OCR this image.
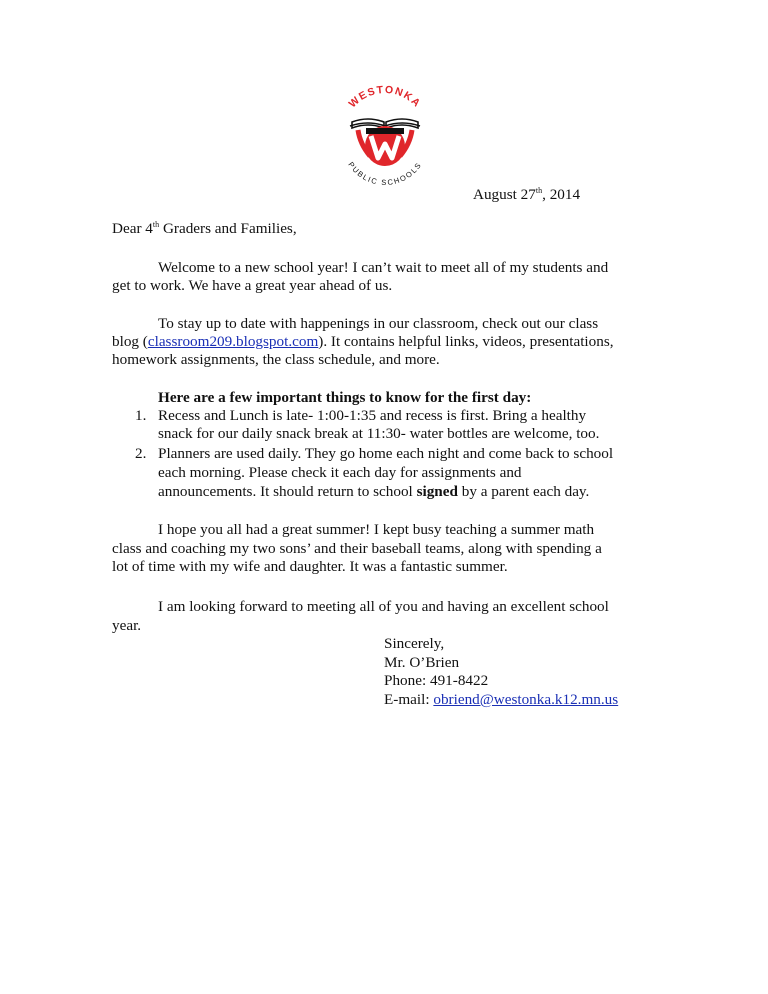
WESTONKA
PUBLIC SCHOOLS
August 27th, 2014
Dear 4th Graders and Families,
Welcome to a new school year! I can’t wait to meet all of my students and
get to work. We have a great year ahead of us.
To stay up to date with happenings in our classroom, check out our class
blog (classroom209.blogspot.com). It contains helpful links, videos, presentations,
homework assignments, the class schedule, and more.
Here are a few important things to know for the first day:
1. Recess and Lunch is late- 1:00-1:35 and recess is first. Bring a healthy
snack for our daily snack break at 11:30- water bottles are welcome, too.
2. Planners are used daily. They go home each night and come back to school
each morning. Please check it each day for assignments and
announcements. It should return to school signed by a parent each day.
I hope you all had a great summer! I kept busy teaching a summer math
class and coaching my two sons’ and their baseball teams, along with spending a
lot of time with my wife and daughter. It was a fantastic summer.
I am looking forward to meeting all of you and having an excellent school
year.
Sincerely,
Mr. O’Brien
Phone: 491-8422
E-mail: obriend@westonka.k12.mn.us
